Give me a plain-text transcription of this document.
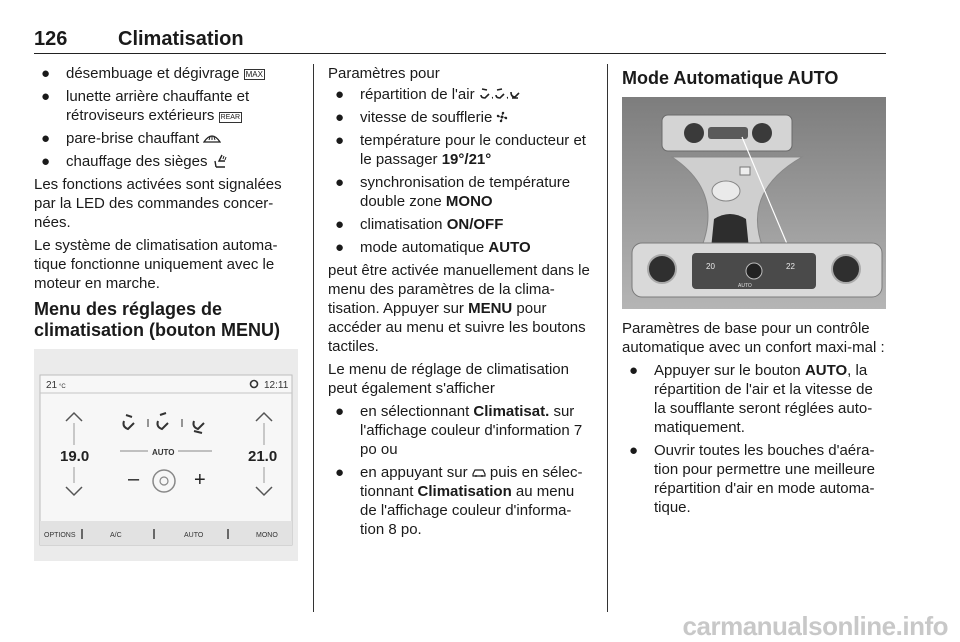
126	Climatisation
● désembuage et dégivrage MAX
● lunette arrière chauffante et rétroviseurs extérieurs REAR
● pare-brise chauffant
● chauffage des sièges

Les fonctions activées sont signalées par la LED des commandes concer-nées.

Le système de climatisation automa-tique fonctionne uniquement avec le moteur en marche.

Menu des réglages de climatisation (bouton MENU)
21 °C	12:11
19.0	21.0
AUTO
–	+
OPTIONS	A/C	AUTO	MONO

Paramètres pour

● répartition de l'air , ,
● vitesse de soufflerie
● température pour le conducteur et le passager 19°/21°
● synchronisation de température double zone MONO
● climatisation ON/OFF
● mode automatique AUTO

peut être activée manuellement dans le menu des paramètres de la clima-tisation. Appuyer sur MENU pour accéder au menu et suivre les boutons tactiles.

Le menu de réglage de climatisation peut également s'afficher

● en sélectionnant Climatisat. sur l'affichage couleur d'information 7 po ou
● en appuyant sur  puis en sélec-tionnant Climatisation au menu de l'affichage couleur d'informa-tion 8 po.
Mode Automatique AUTO
20	22
AUTO

Paramètres de base pour un contrôle automatique avec un confort maxi-mal :

● Appuyer sur le bouton AUTO, la répartition de l'air et la vitesse de la soufflante seront réglées auto-matiquement.
● Ouvrir toutes les bouches d'aéra-tion pour permettre une meilleure répartition d'air en mode automa-tique.
carmanualsonline.info
